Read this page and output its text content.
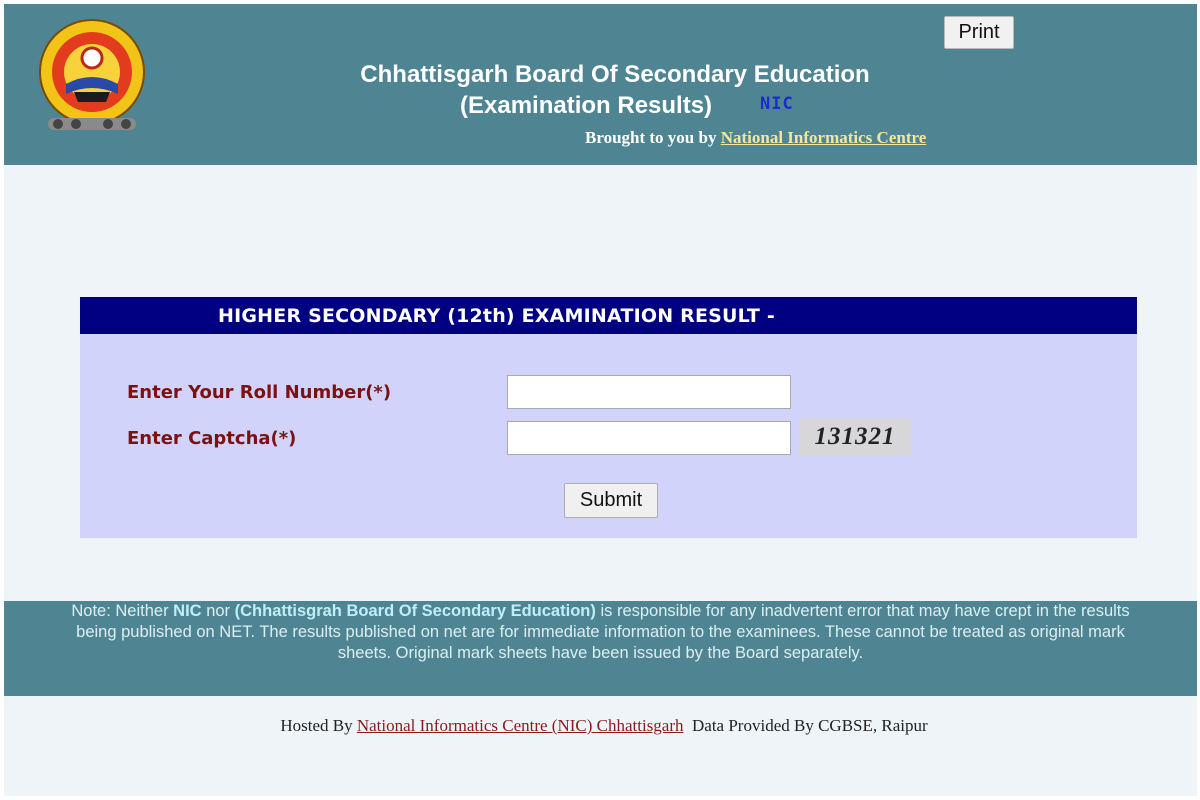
Print
Chhattisgarh Board Of Secondary Education
(Examination Results)	NIC
Brought to you by National Informatics Centre
HIGHER SECONDARY (12th) EXAMINATION RESULT -
Enter Your Roll Number(*)
Enter Captcha(*)	131321
Submit
Note: Neither NIC nor (Chhattisgrah Board Of Secondary Education) is responsible for any inadvertent error that may have crept in the results being published on NET. The results published on net are for immediate information to the examinees. These cannot be treated as original mark sheets. Original mark sheets have been issued by the Board separately.
Hosted By National Informatics Centre (NIC) Chhattisgarh Data Provided By CGBSE, Raipur
